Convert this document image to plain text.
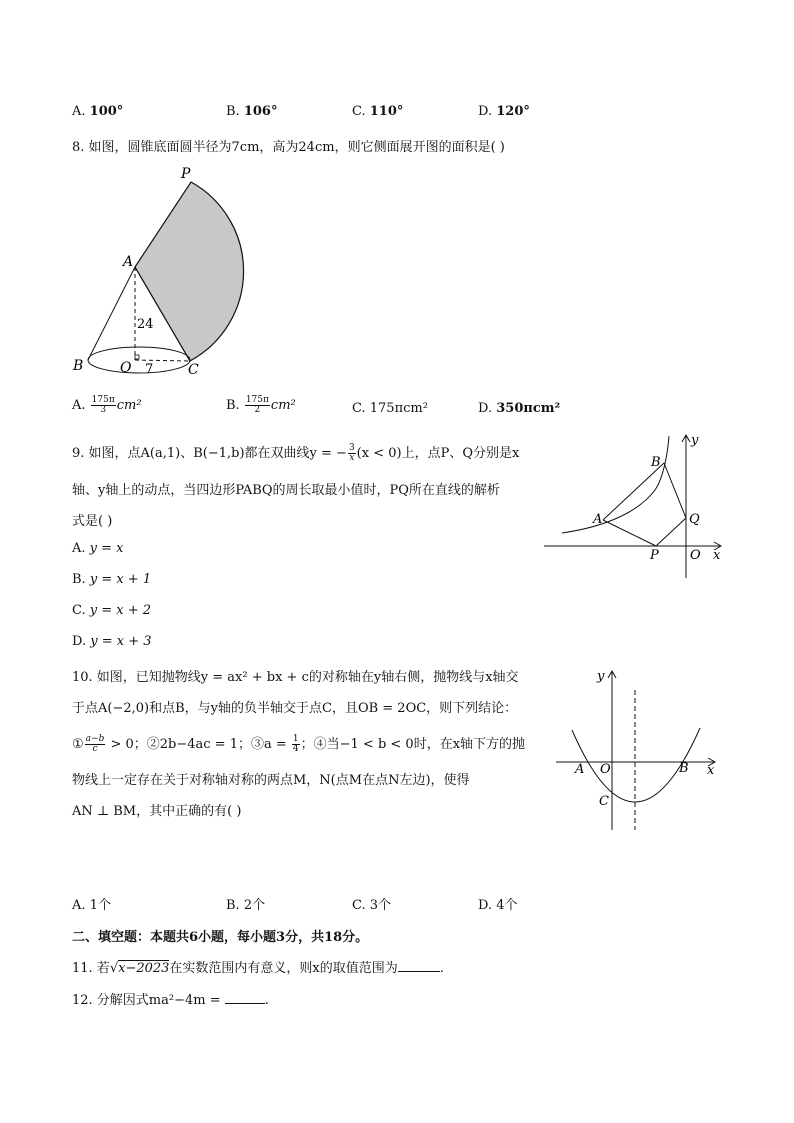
A. 100°	B. 106°	C. 110°	D. 120°
8. 如图，圆锥底面圆半径为7cm，高为24cm，则它侧面展开图的面积是( )
P
A
B	O	C
24
7
A. $\frac{175\pi}{3} cm^2$	B. $\frac{175\pi}{2} cm^2$	C. 175πcm²	D. 350πcm²
9. 如图，点A(a,1)、B(−1,b)都在双曲线y = − $\frac{3}{x} (x < 0)$上，点P、Q分别是x
轴、y轴上的动点，当四边形PABQ的周长取最小值时，PQ所在直线的解析
式是( )
A. y = x
B. y = x + 1
C. y = x + 2
D. y = x + 3
B
A	Q
P O x
y
10. 如图，已知抛物线y = ax² + bx + c的对称轴在y轴右侧，抛物线与x轴交
于点A(−2,0)和点B，与y轴的负半轴交于点C，且OB = 2OC，则下列结论：
① $\frac{a-b}{c} > 0$；②2b−4ac = 1；③a = $\frac{1}{4}$ ；④当−1 < b < 0时，在x轴下方的抛
物线上一定存在关于对称轴对称的两点M，N(点M在点N左边)，使得
AN ⊥ BM，其中正确的有( )
y
A O	B
C
x
A. 1个	B. 2个	C. 3个	D. 4个
二、填空题：本题共6小题，每小题3分，共18分。
11. 若√x−2023在实数范围内有意义，则x的取值范围为	.
12. 分解因式ma²−4m =	.
